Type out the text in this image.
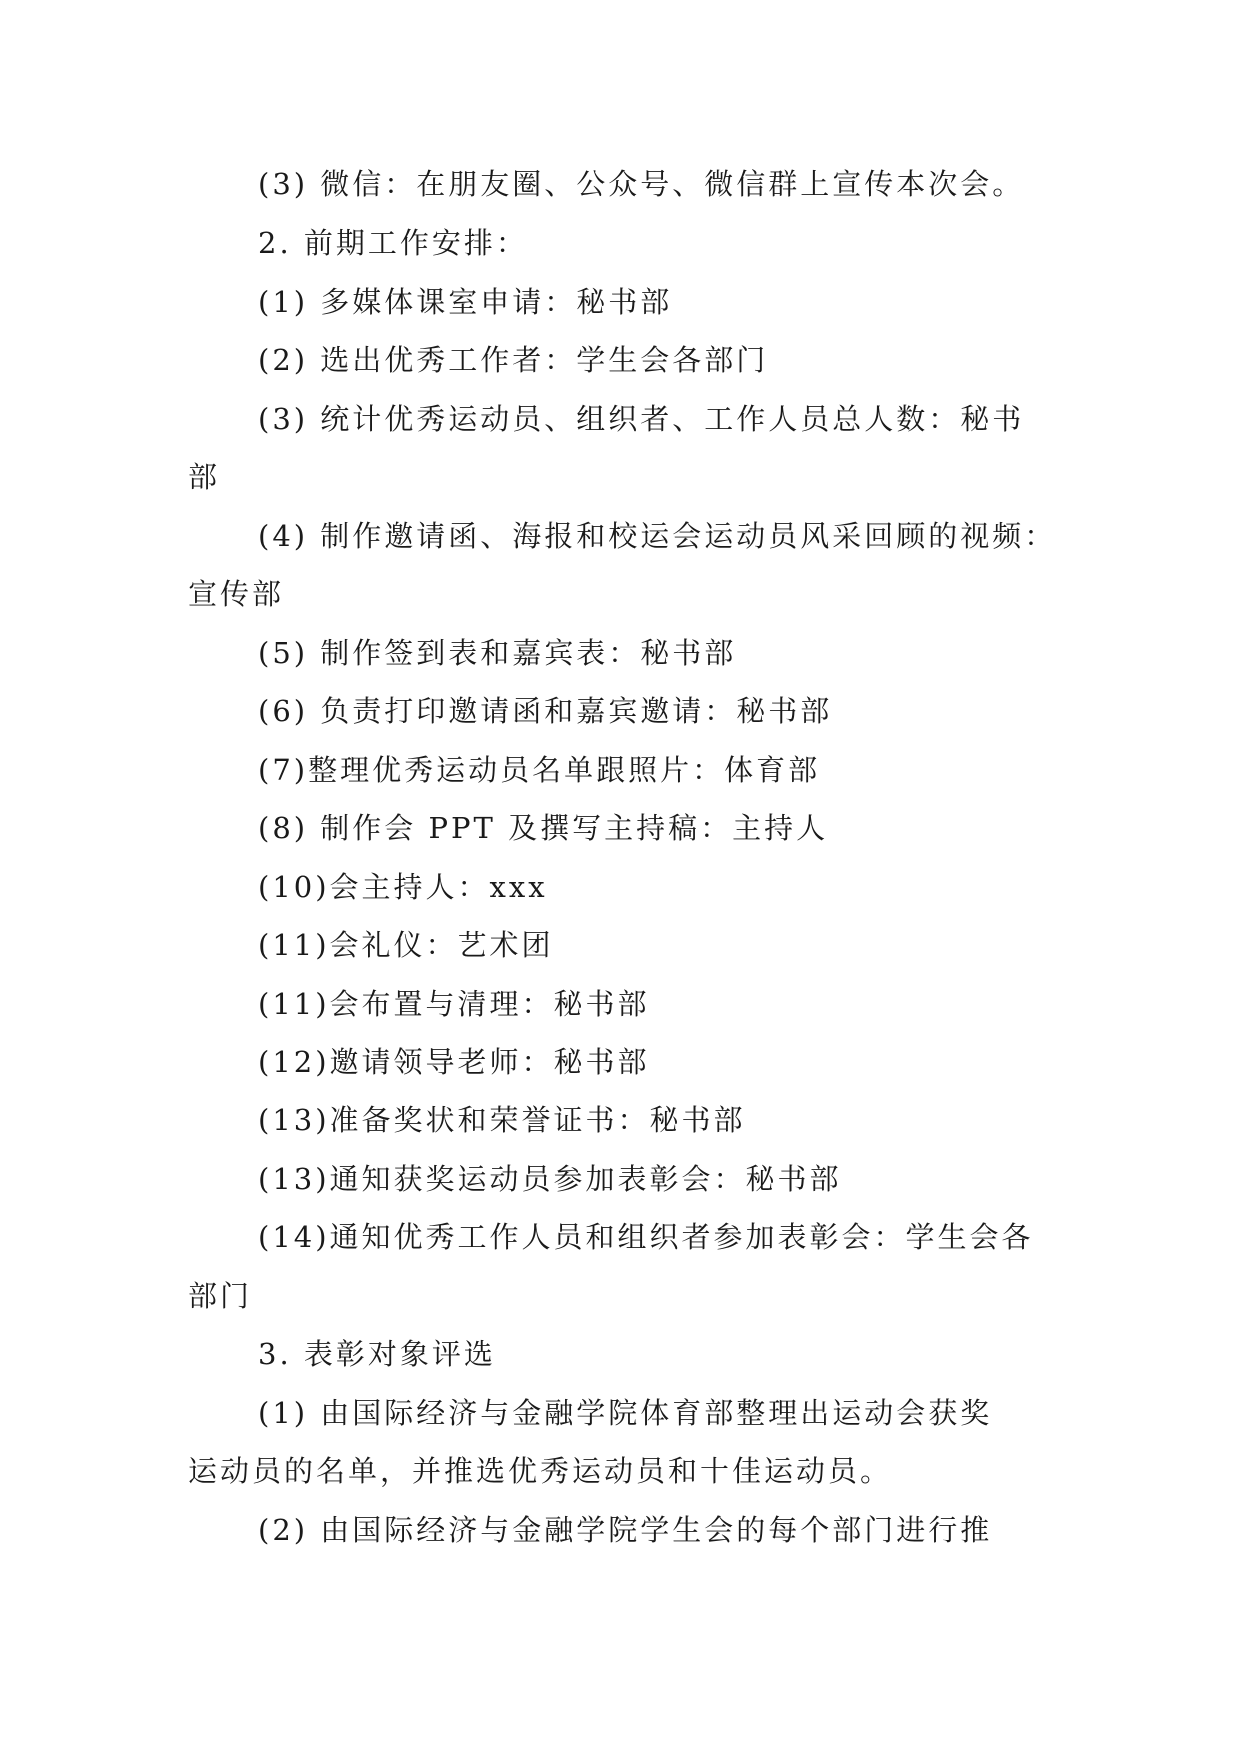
(3) 微信：在朋友圈、公众号、微信群上宣传本次会。
2. 前期工作安排：
(1) 多媒体课室申请：秘书部
(2) 选出优秀工作者：学生会各部门
(3) 统计优秀运动员、组织者、工作人员总人数：秘书
部
(4) 制作邀请函、海报和校运会运动员风采回顾的视频：
宣传部
(5) 制作签到表和嘉宾表：秘书部
(6) 负责打印邀请函和嘉宾邀请：秘书部
(7)整理优秀运动员名单跟照片：体育部
(8) 制作会 PPT 及撰写主持稿：主持人
(10)会主持人：xxx
(11)会礼仪：艺术团
(11)会布置与清理：秘书部
(12)邀请领导老师：秘书部
(13)准备奖状和荣誉证书：秘书部
(13)通知获奖运动员参加表彰会：秘书部
(14)通知优秀工作人员和组织者参加表彰会：学生会各
部门
3. 表彰对象评选
(1) 由国际经济与金融学院体育部整理出运动会获奖
运动员的名单，并推选优秀运动员和十佳运动员。
(2) 由国际经济与金融学院学生会的每个部门进行推
